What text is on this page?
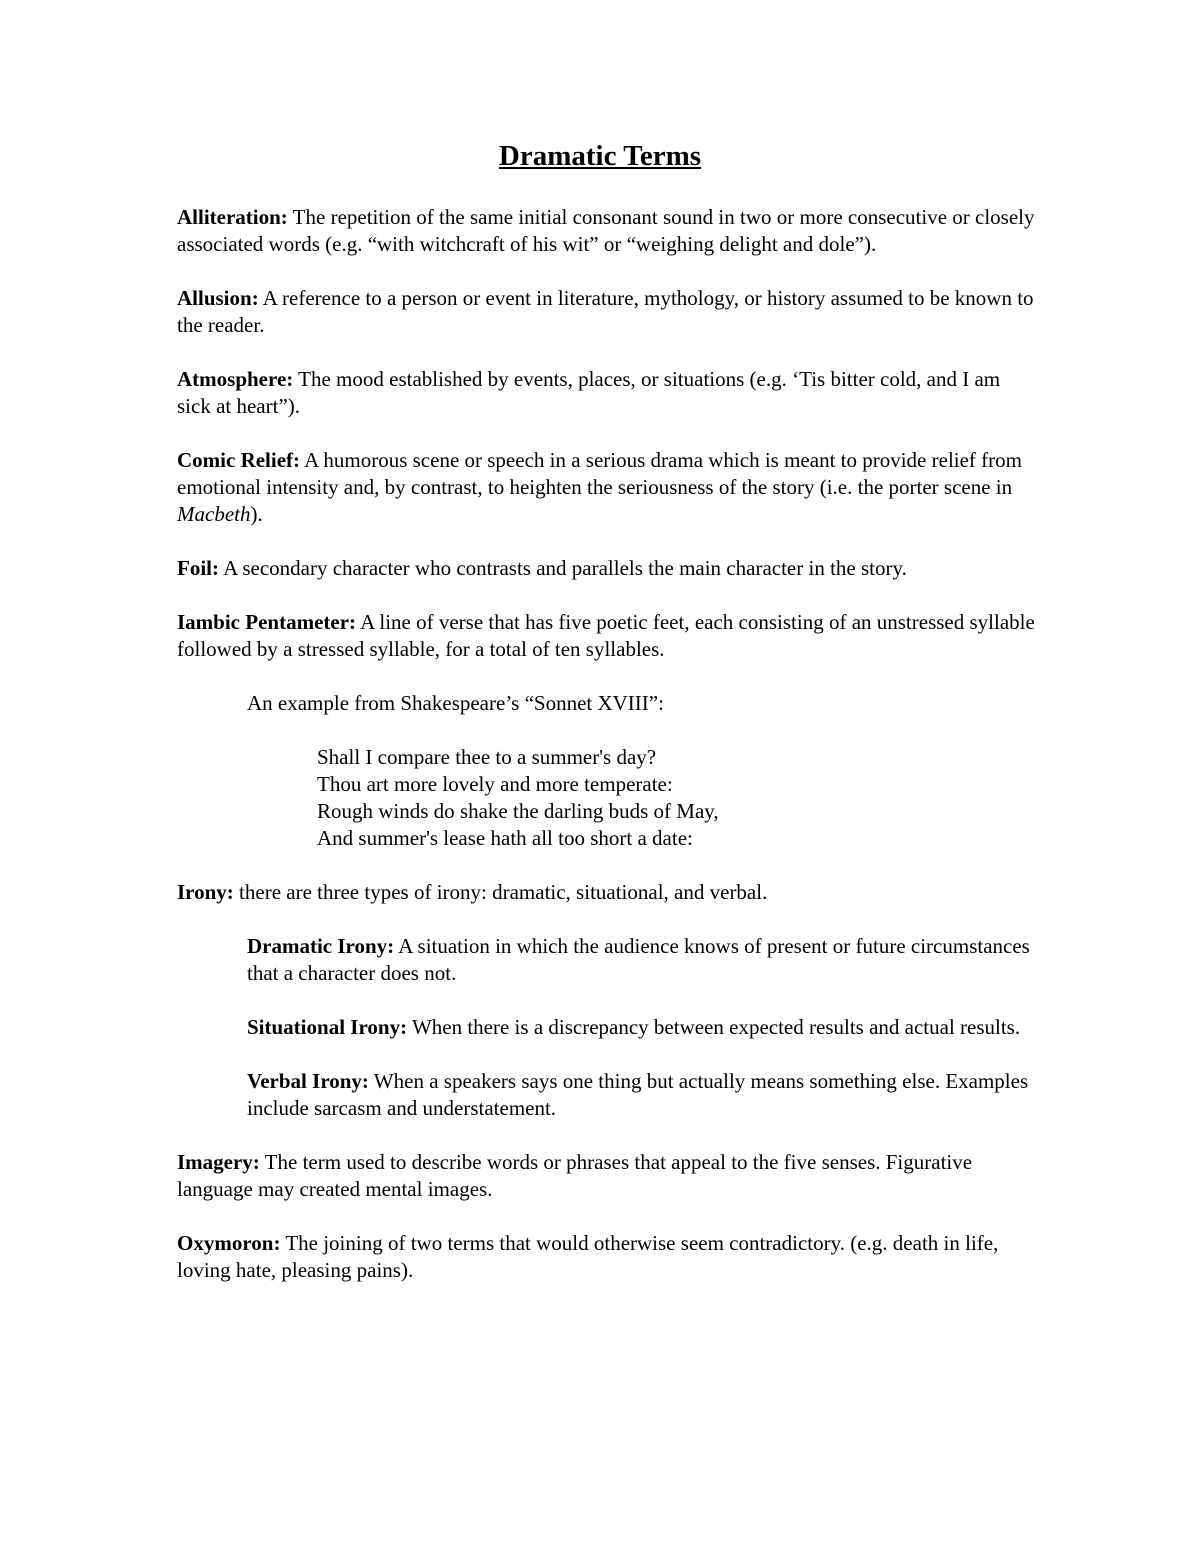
Dramatic Terms

Alliteration: The repetition of the same initial consonant sound in two or more consecutive or closely associated words (e.g. “with witchcraft of his wit” or “weighing delight and dole”).

Allusion: A reference to a person or event in literature, mythology, or history assumed to be known to the reader.

Atmosphere: The mood established by events, places, or situations (e.g. ‘Tis bitter cold, and I am sick at heart”).

Comic Relief: A humorous scene or speech in a serious drama which is meant to provide relief from emotional intensity and, by contrast, to heighten the seriousness of the story (i.e. the porter scene in Macbeth).

Foil: A secondary character who contrasts and parallels the main character in the story.

Iambic Pentameter: A line of verse that has five poetic feet, each consisting of an unstressed syllable followed by a stressed syllable, for a total of ten syllables.

An example from Shakespeare’s “Sonnet XVIII”:

Shall I compare thee to a summer's day?
Thou art more lovely and more temperate:
Rough winds do shake the darling buds of May,
And summer's lease hath all too short a date:

Irony: there are three types of irony: dramatic, situational, and verbal.

Dramatic Irony: A situation in which the audience knows of present or future circumstances that a character does not.

Situational Irony: When there is a discrepancy between expected results and actual results.

Verbal Irony: When a speakers says one thing but actually means something else. Examples include sarcasm and understatement.

Imagery: The term used to describe words or phrases that appeal to the five senses. Figurative language may created mental images.

Oxymoron: The joining of two terms that would otherwise seem contradictory. (e.g. death in life, loving hate, pleasing pains).
